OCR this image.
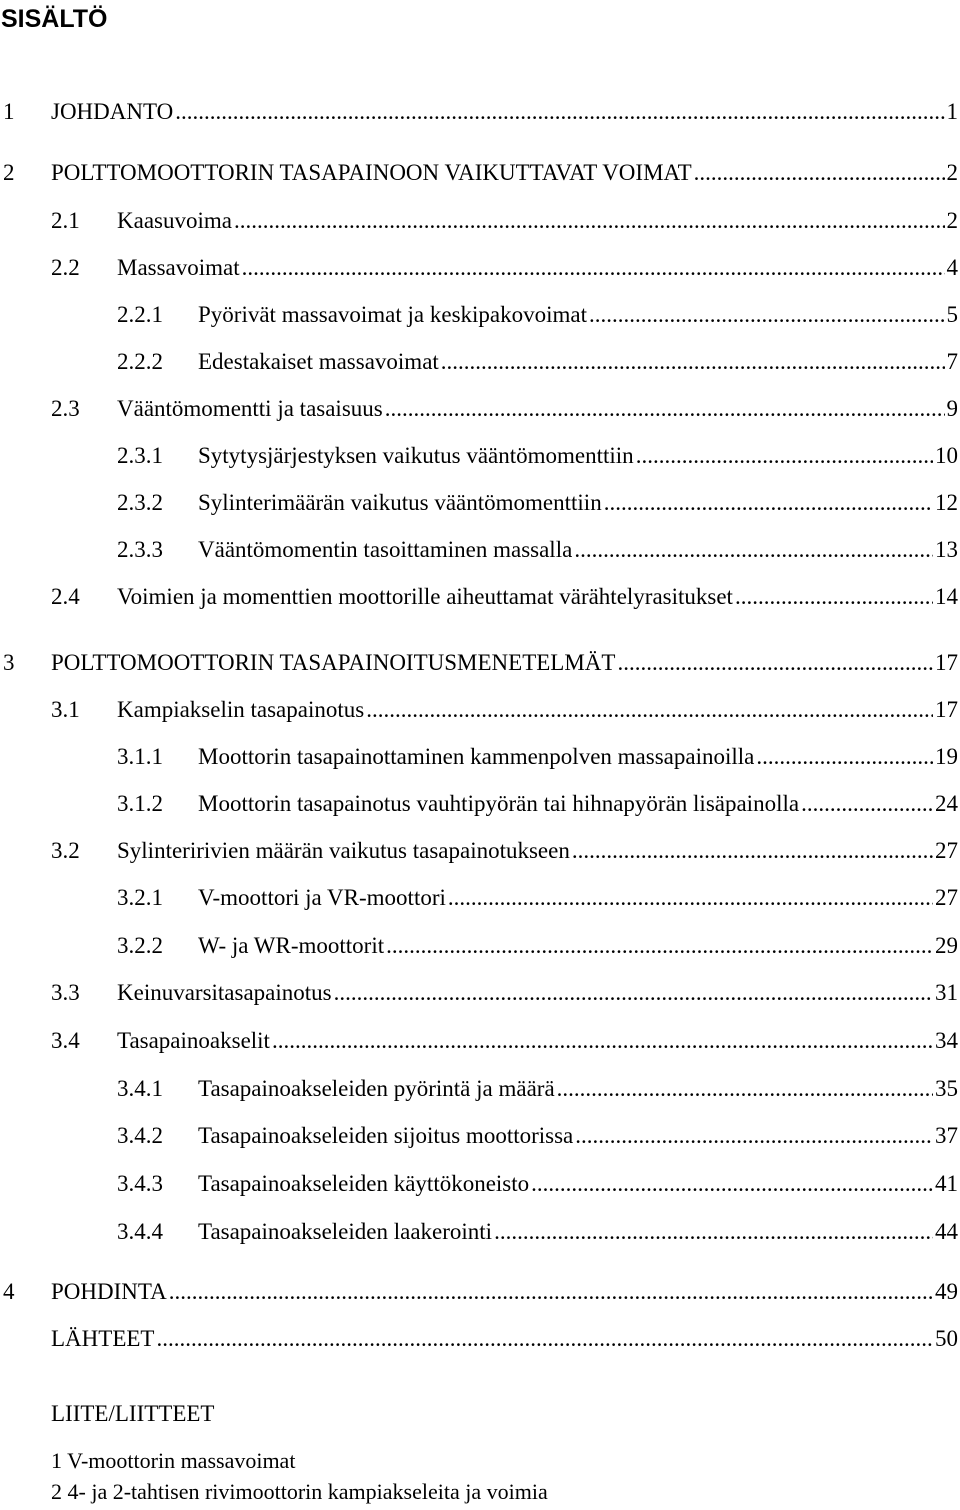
SISÄLTÖ
1 JOHDANTO .....	1
2 POLTTOMOOTTORIN TASAPAINOON VAIKUTTAVAT VOIMAT .....	2
2.1 Kaasuvoima .....	2
2.2 Massavoimat .....	4
2.2.1 Pyörivät massavoimat ja keskipakovoimat .....	5
2.2.2 Edestakaiset massavoimat .....	7
2.3 Vääntömomentti ja tasaisuus .....	9
2.3.1 Sytytysjärjestyksen vaikutus vääntömomenttiin .....	10
2.3.2 Sylinterimäärän vaikutus vääntömomenttiin .....	12
2.3.3 Vääntömomentin tasoittaminen massalla .....	13
2.4 Voimien ja momenttien moottorille aiheuttamat värähtelyrasitukset .....	14
3 POLTTOMOOTTORIN TASAPAINOITUSMENETELMÄT .....	17
3.1 Kampiakselin tasapainotus .....	17
3.1.1 Moottorin tasapainottaminen kammenpolven massapainoilla .....	19
3.1.2 Moottorin tasapainotus vauhtipyörän tai hihnapyörän lisäpainolla .....	24
3.2 Sylinteririvien määrän vaikutus tasapainotukseen .....	27
3.2.1 V-moottori ja VR-moottori .....	27
3.2.2 W- ja WR-moottorit .....	29
3.3 Keinuvarsitasapainotus .....	31
3.4 Tasapainoakselit .....	34
3.4.1 Tasapainoakseleiden pyörintä ja määrä .....	35
3.4.2 Tasapainoakseleiden sijoitus moottorissa .....	37
3.4.3 Tasapainoakseleiden käyttökoneisto .....	41
3.4.4 Tasapainoakseleiden laakerointi .....	44
4 POHDINTA .....	49
LÄHTEET .....	50
LIITE/LIITTEET
1 V-moottorin massavoimat
2 4- ja 2-tahtisen rivimoottorin kampiakseleita ja voimia
